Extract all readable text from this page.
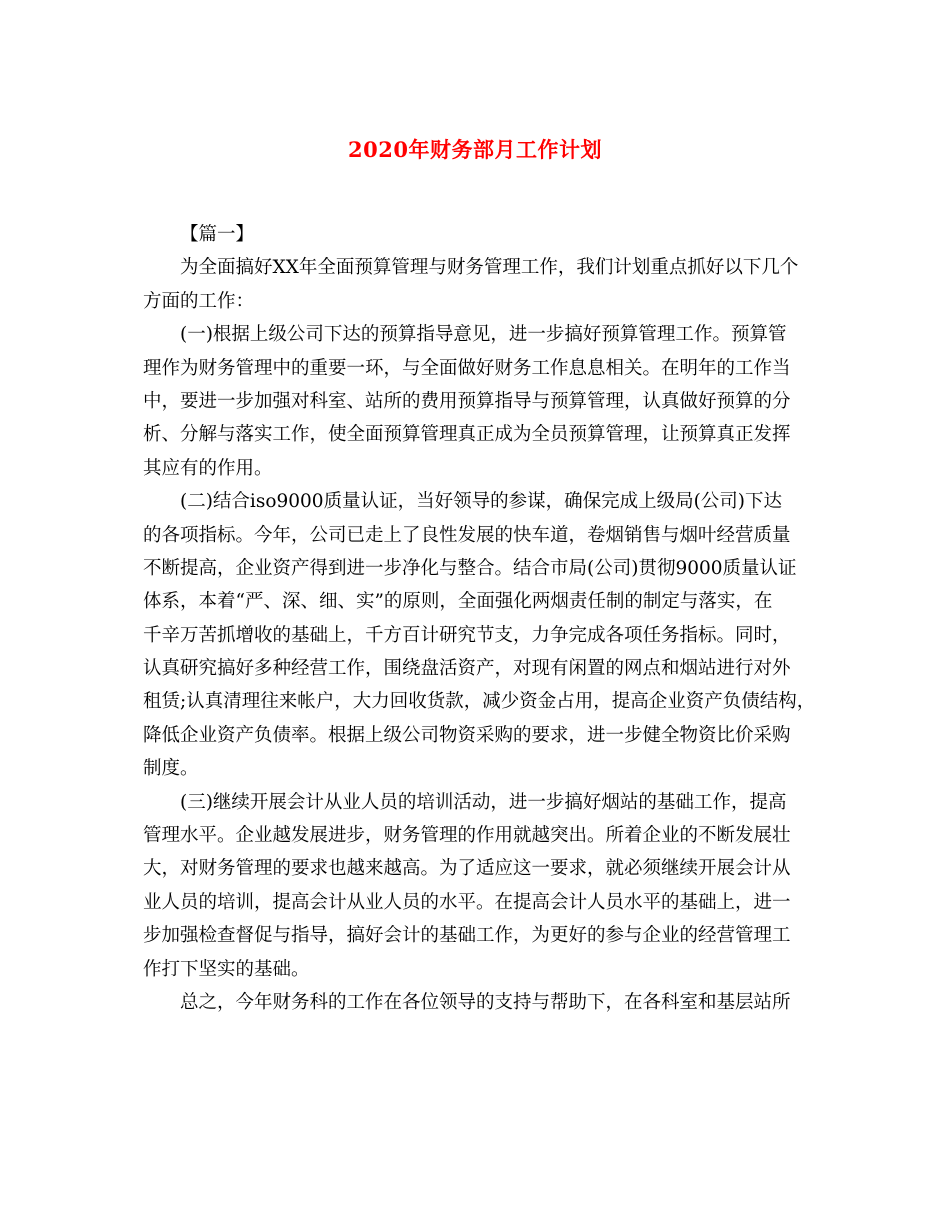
2020年财务部月工作计划
【篇一】
为全面搞好XX年全面预算管理与财务管理工作，我们计划重点抓好以下几个
方面的工作：
(一)根据上级公司下达的预算指导意见，进一步搞好预算管理工作。预算管
理作为财务管理中的重要一环，与全面做好财务工作息息相关。在明年的工作当
中，要进一步加强对科室、站所的费用预算指导与预算管理，认真做好预算的分
析、分解与落实工作，使全面预算管理真正成为全员预算管理，让预算真正发挥
其应有的作用。
(二)结合iso9000质量认证，当好领导的参谋，确保完成上级局(公司)下达
的各项指标。今年，公司已走上了良性发展的快车道，卷烟销售与烟叶经营质量
不断提高，企业资产得到进一步净化与整合。结合市局(公司)贯彻9000质量认证
体系，本着“严、深、细、实”的原则，全面强化两烟责任制的制定与落实，在
千辛万苦抓增收的基础上，千方百计研究节支，力争完成各项任务指标。同时，
认真研究搞好多种经营工作，围绕盘活资产，对现有闲置的网点和烟站进行对外
租赁;认真清理往来帐户，大力回收货款，减少资金占用，提高企业资产负债结构，
降低企业资产负债率。根据上级公司物资采购的要求，进一步健全物资比价采购
制度。
(三)继续开展会计从业人员的培训活动，进一步搞好烟站的基础工作，提高
管理水平。企业越发展进步，财务管理的作用就越突出。所着企业的不断发展壮
大，对财务管理的要求也越来越高。为了适应这一要求，就必须继续开展会计从
业人员的培训，提高会计从业人员的水平。在提高会计人员水平的基础上，进一
步加强检查督促与指导，搞好会计的基础工作，为更好的参与企业的经营管理工
作打下坚实的基础。
总之，今年财务科的工作在各位领导的支持与帮助下，在各科室和基层站所
